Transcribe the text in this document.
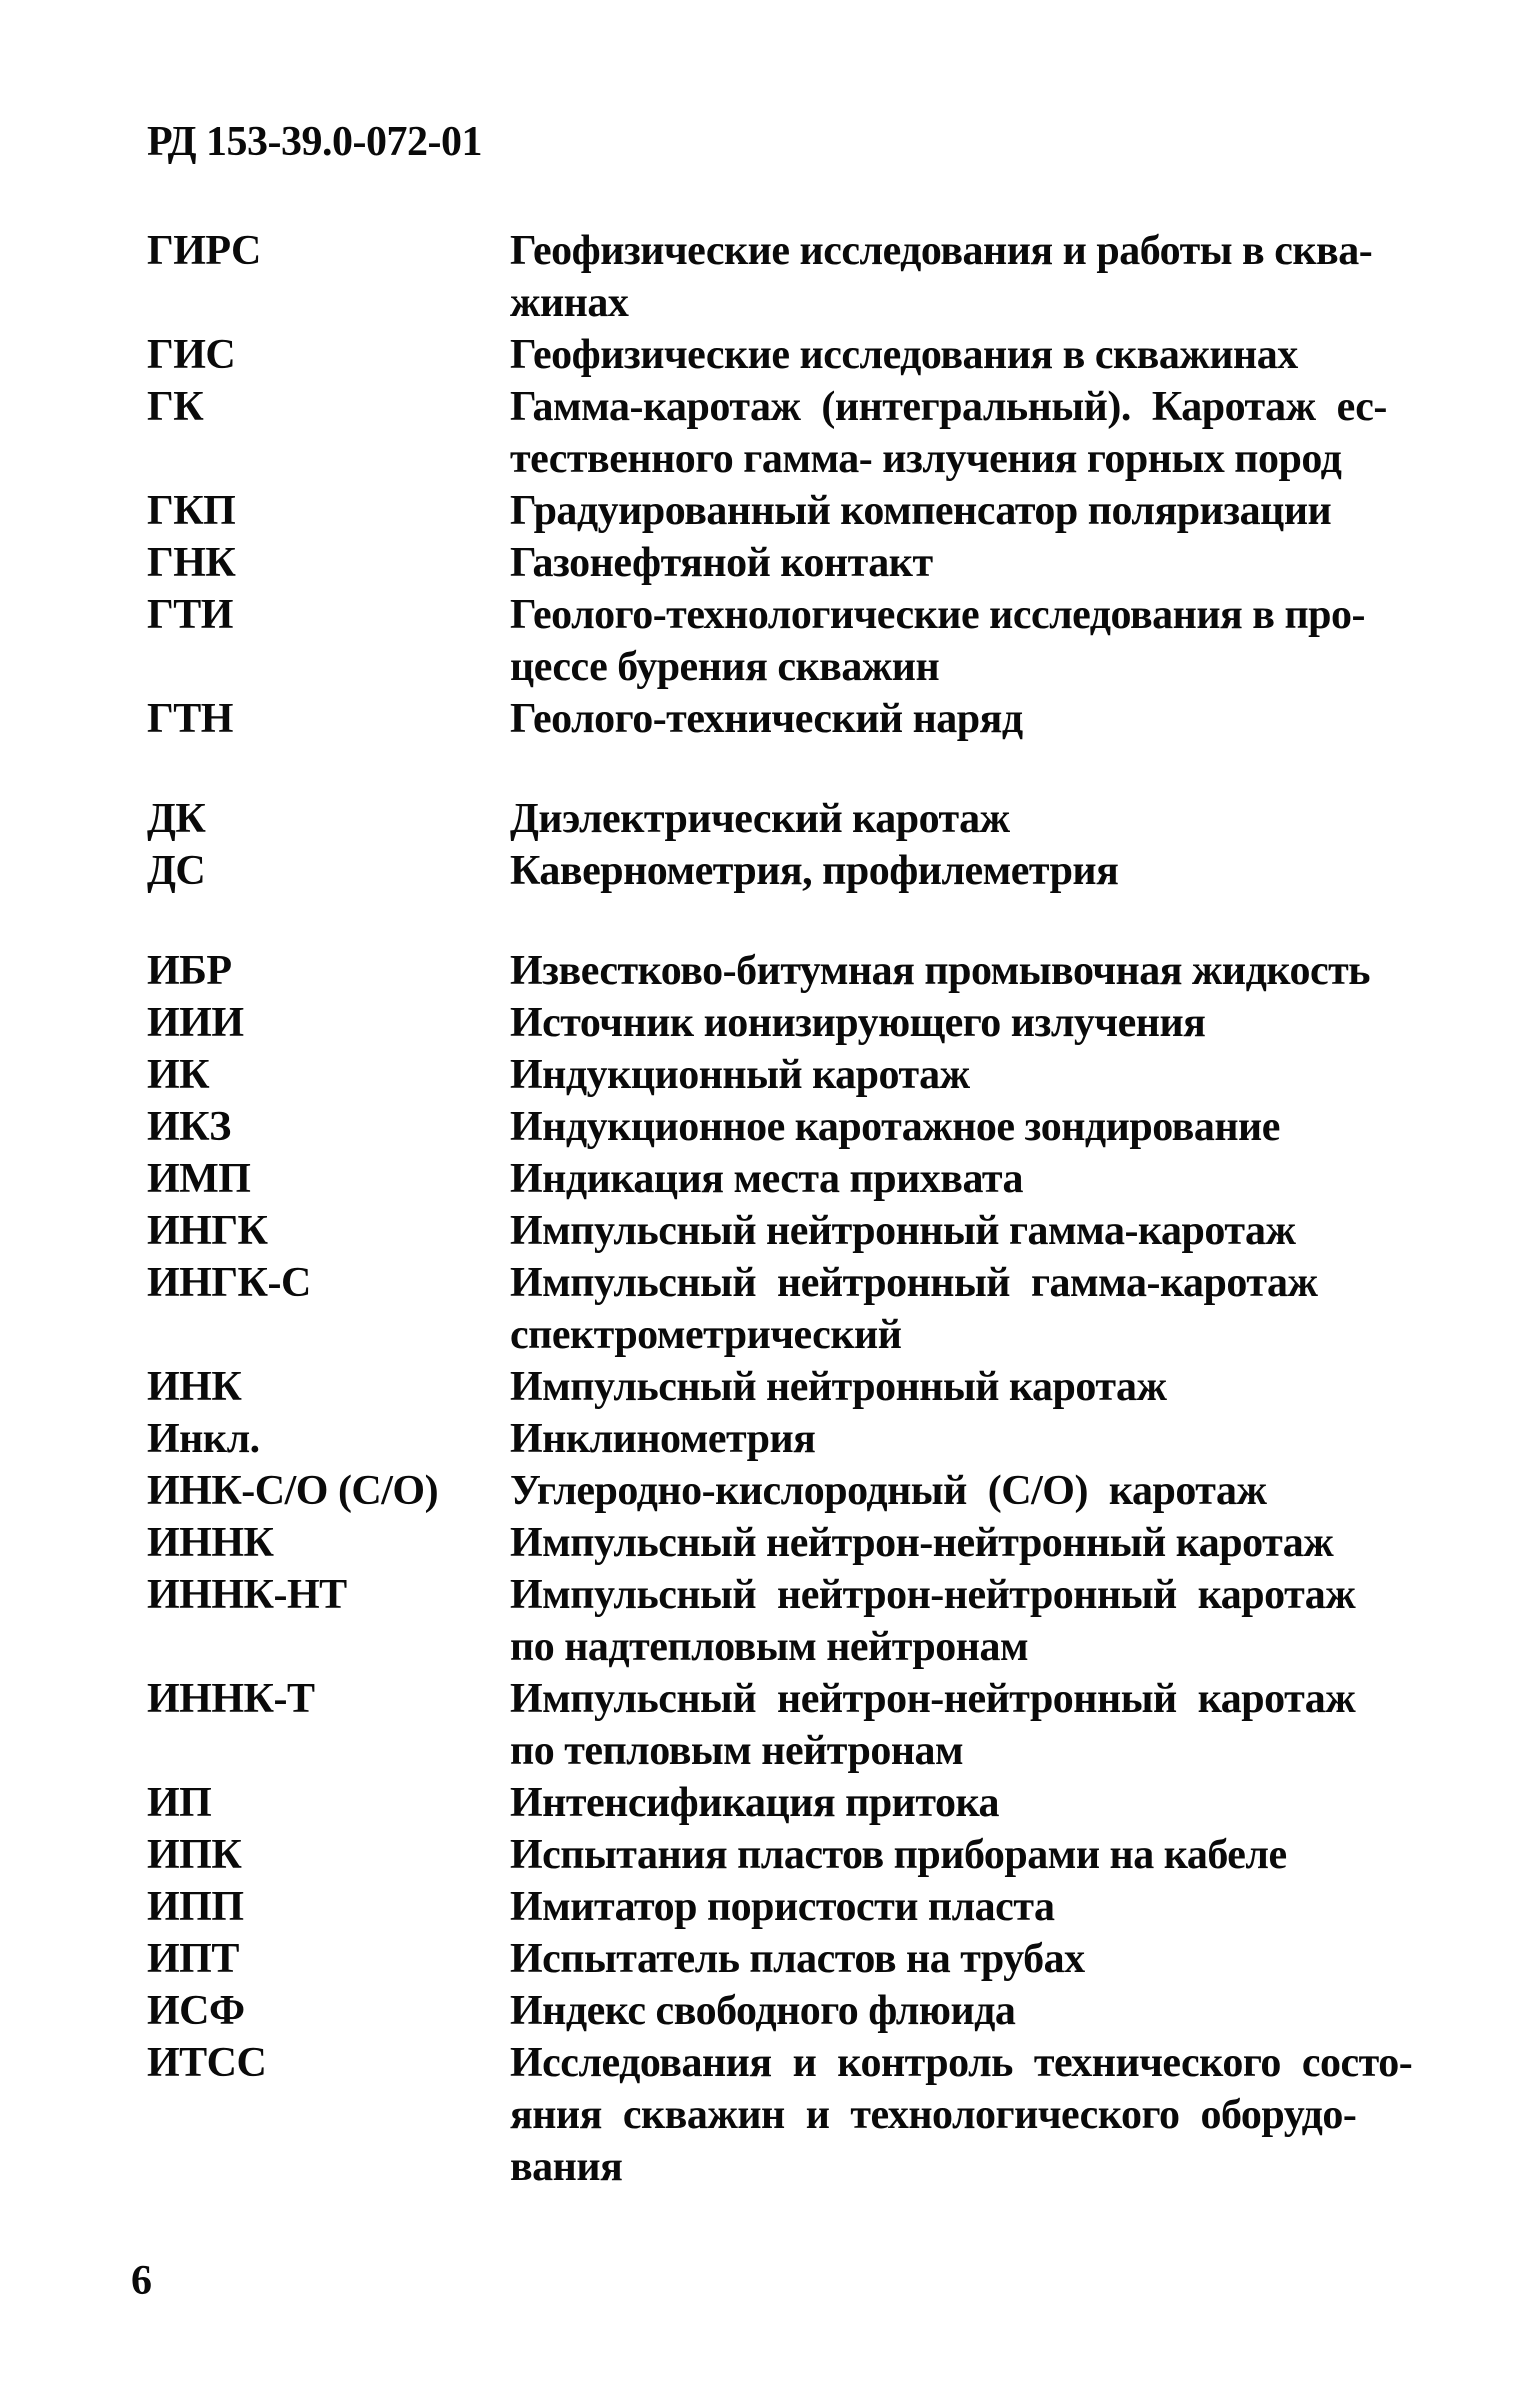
РД 153-39.0-072-01
ГИРС	Геофизические исследования и работы в сква-
жинах
ГИС	Геофизические исследования в скважинах
ГК	Гамма-каротаж (интегральный). Каротаж ес-
тественного гамма- излучения горных пород
ГКП	Градуированный компенсатор поляризации
ГНК	Газонефтяной контакт
ГТИ	Геолого-технологические исследования в про-
цессе бурения скважин
ГТН	Геолого-технический наряд
ДК	Диэлектрический каротаж
ДС	Кавернометрия, профилеметрия
ИБР	Известково-битумная промывочная жидкость
ИИИ	Источник ионизирующего излучения
ИК	Индукционный каротаж
ИКЗ	Индукционное каротажное зондирование
ИМП	Индикация места прихвата
ИНГК	Импульсный нейтронный гамма-каротаж
ИНГК-С	Импульсный нейтронный гамма-каротаж
спектрометрический
ИНК	Импульсный нейтронный каротаж
Инкл.	Инклинометрия
ИНК-С/О (С/О)	Углеродно-кислородный (С/О) каротаж
ИННК	Импульсный нейтрон-нейтронный каротаж
ИННК-НТ	Импульсный нейтрон-нейтронный каротаж
по надтепловым нейтронам
ИННК-Т	Импульсный нейтрон-нейтронный каротаж
по тепловым нейтронам
ИП	Интенсификация притока
ИПК	Испытания пластов приборами на кабеле
ИПП	Имитатор пористости пласта
ИПТ	Испытатель пластов на трубах
ИСФ	Индекс свободного флюида
ИТСС	Исследования и контроль технического состо-
яния скважин и технологического оборудо-
вания
6
